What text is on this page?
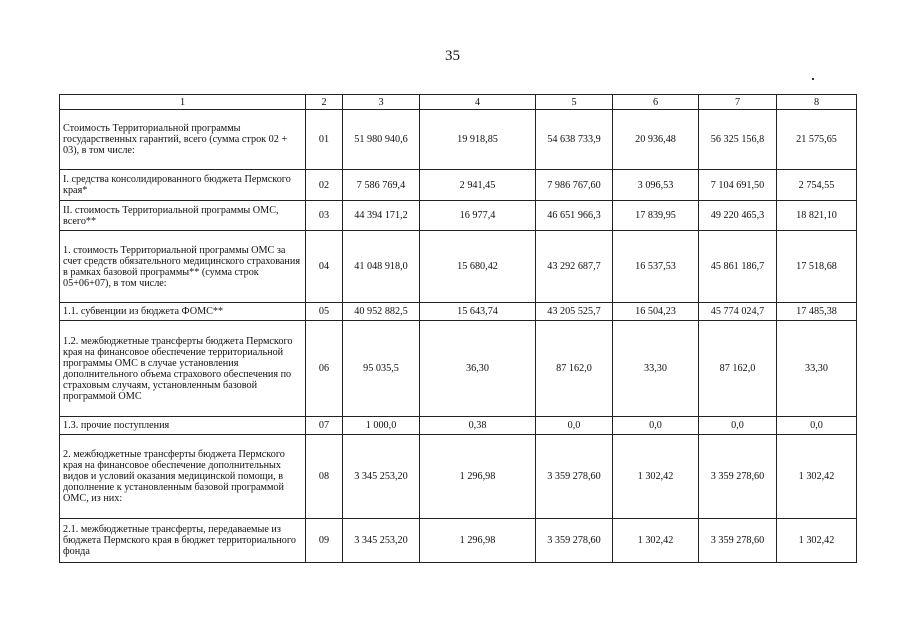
35
1	2	3	4	5	6	7	8
Стоимость Территориальной программы государственных гарантий, всего (сумма строк 02 + 03), в том числе:	01	51 980 940,6	19 918,85	54 638 733,9	20 936,48	56 325 156,8	21 575,65
I. средства консолидированного бюджета Пермского края*	02	7 586 769,4	2 941,45	7 986 767,60	3 096,53	7 104 691,50	2 754,55
II. стоимость Территориальной программы ОМС, всего**	03	44 394 171,2	16 977,4	46 651 966,3	17 839,95	49 220 465,3	18 821,10
1. стоимость Территориальной программы ОМС за счет средств обязательного медицинского страхования в рамках базовой программы** (сумма строк 05+06+07), в том числе:	04	41 048 918,0	15 680,42	43 292 687,7	16 537,53	45 861 186,7	17 518,68
1.1. субвенции из бюджета ФОМС**	05	40 952 882,5	15 643,74	43 205 525,7	16 504,23	45 774 024,7	17 485,38
1.2. межбюджетные трансферты бюджета Пермского края на финансовое обеспечение территориальной программы ОМС в случае установления дополнительного объема страхового обеспечения по страховым случаям, установленным базовой программой ОМС	06	95 035,5	36,30	87 162,0	33,30	87 162,0	33,30
1.3. прочие поступления	07	1 000,0	0,38	0,0	0,0	0,0	0,0
2. межбюджетные трансферты бюджета Пермского края на финансовое обеспечение дополнительных видов и условий оказания медицинской помощи, в дополнение к установленным базовой программой ОМС, из них:	08	3 345 253,20	1 296,98	3 359 278,60	1 302,42	3 359 278,60	1 302,42
2.1. межбюджетные трансферты, передаваемые из бюджета Пермского края в бюджет территориального фонда	09	3 345 253,20	1 296,98	3 359 278,60	1 302,42	3 359 278,60	1 302,42
